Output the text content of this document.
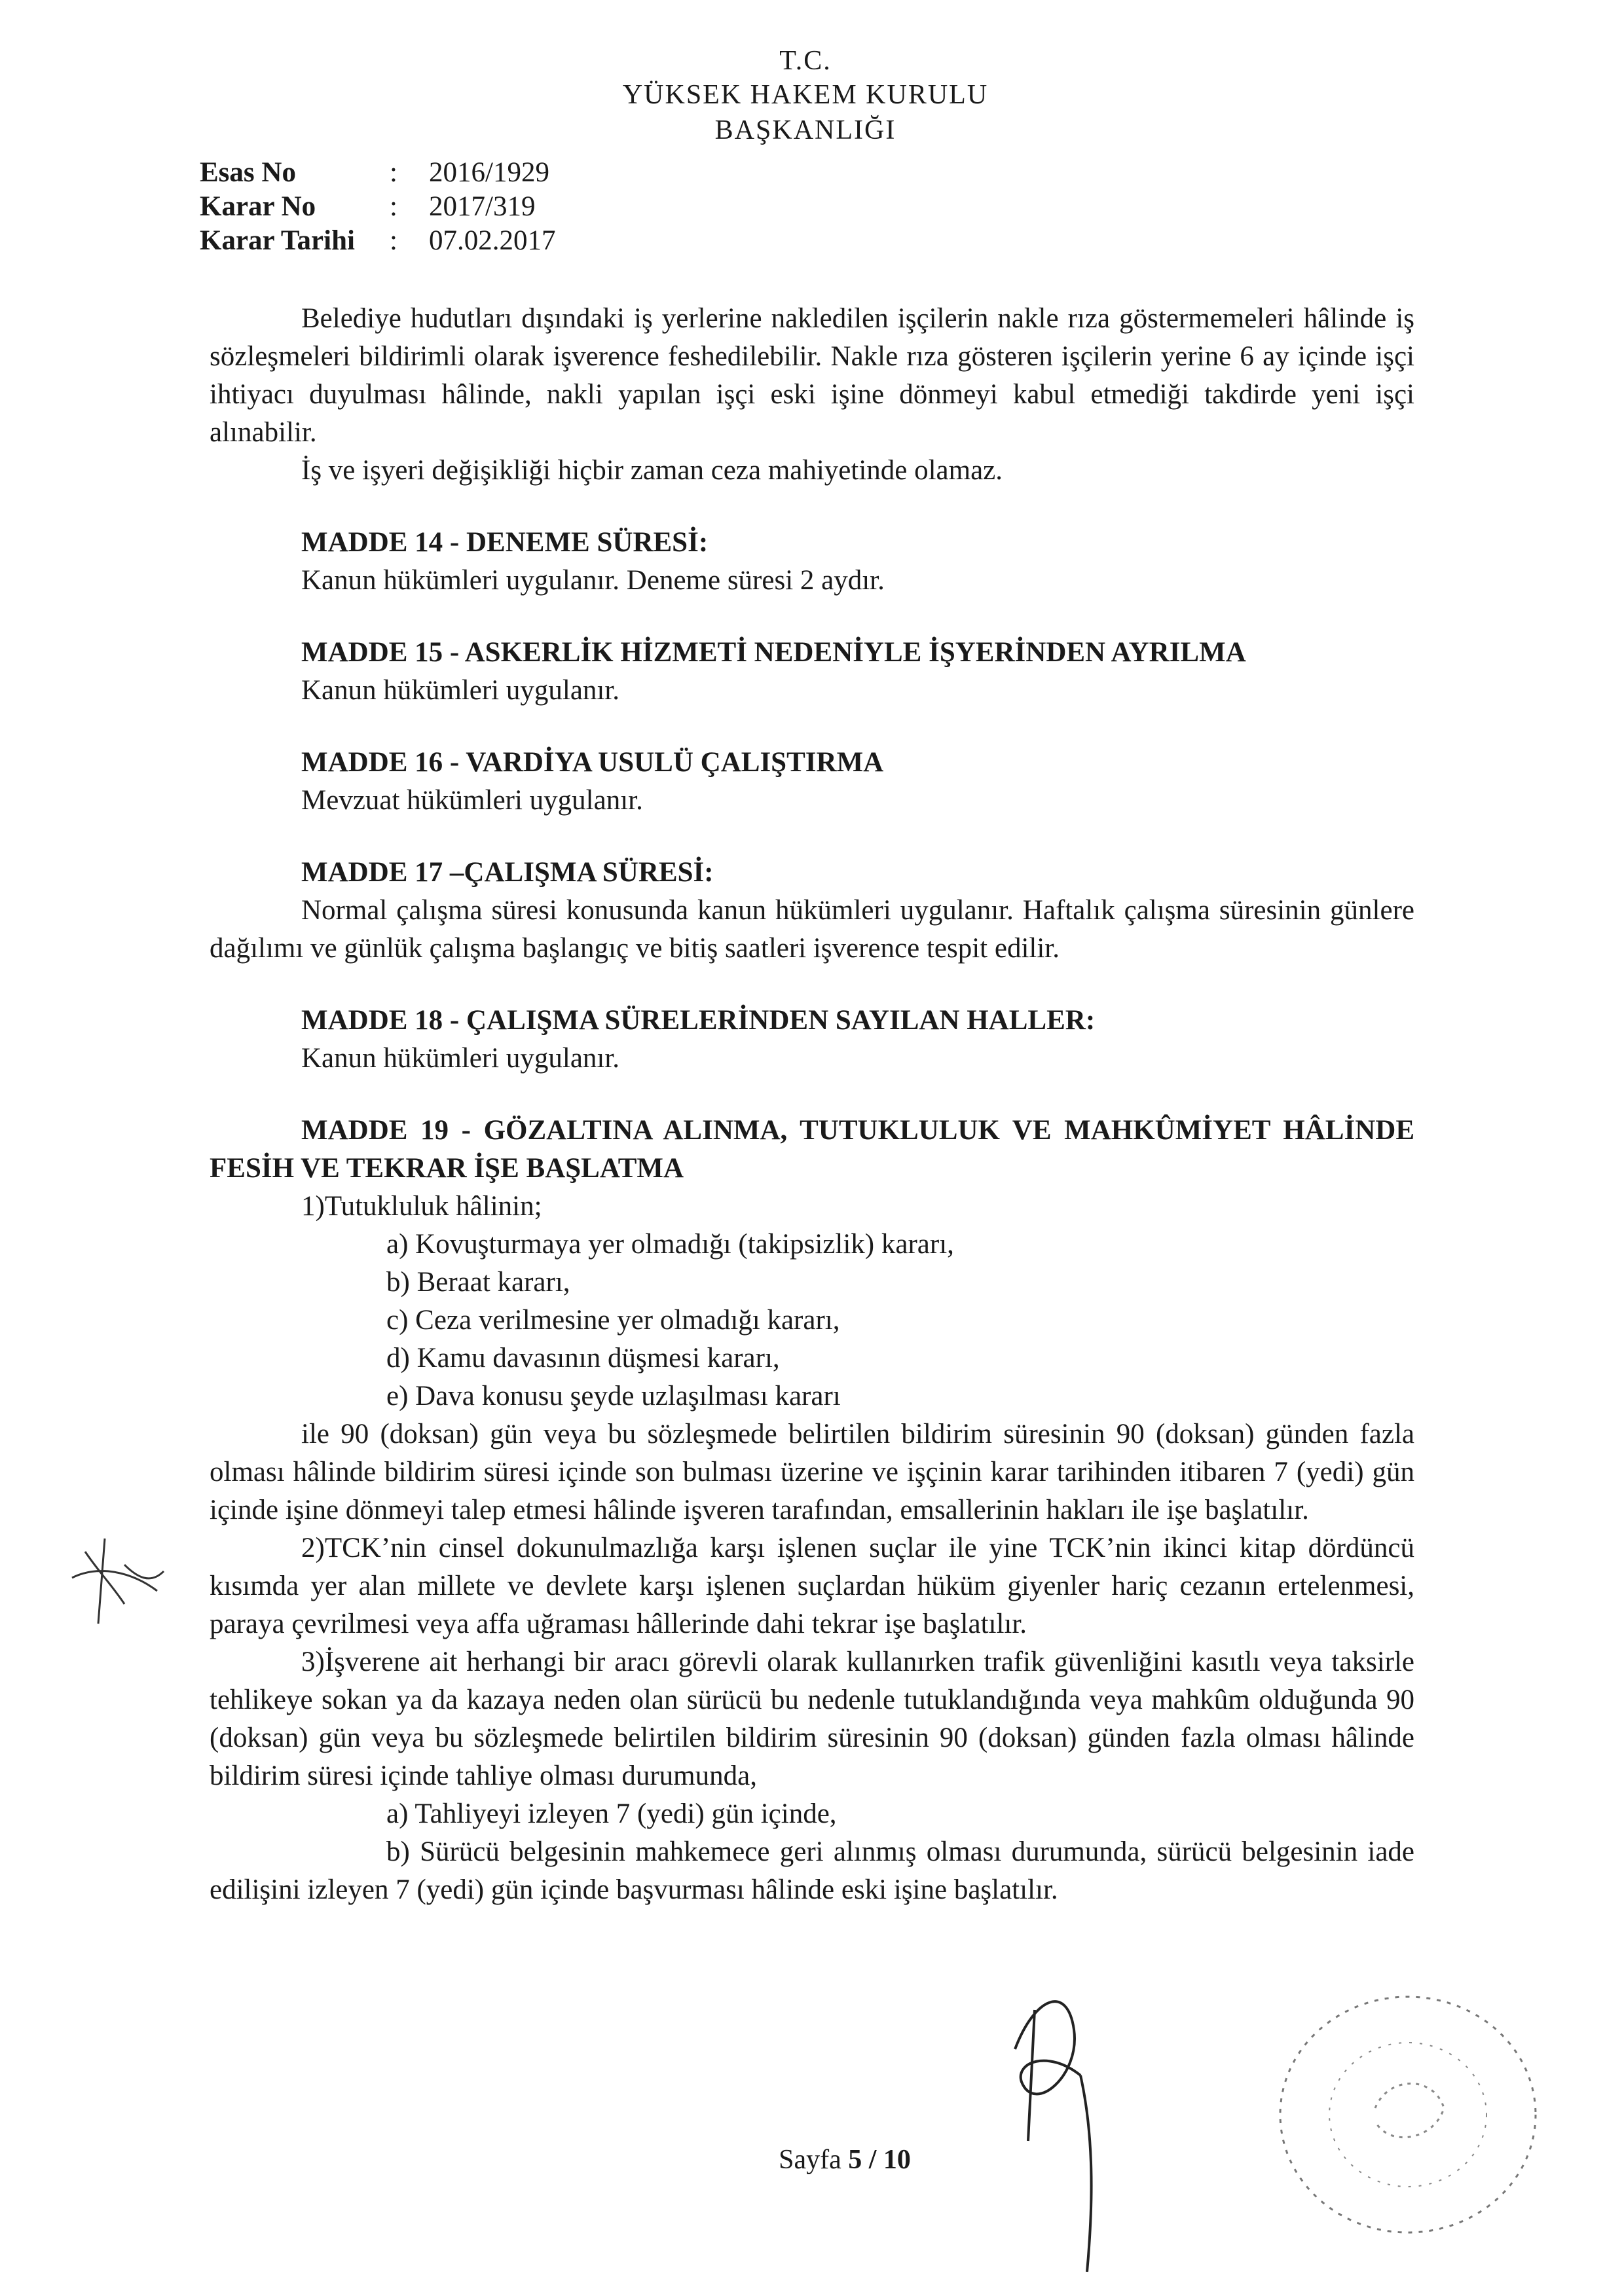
T.C.
YÜKSEK HAKEM KURULU
BAŞKANLIĞI
Esas No	: 2016/1929
Karar No	: 2017/319
Karar Tarihi : 07.02.2017

Belediye hudutları dışındaki iş yerlerine nakledilen işçilerin nakle rıza göstermemeleri hâlinde iş sözleşmeleri bildirimli olarak işverence feshedilebilir. Nakle rıza gösteren işçilerin yerine 6 ay içinde işçi ihtiyacı duyulması hâlinde, nakli yapılan işçi eski işine dönmeyi kabul etmediği takdirde yeni işçi alınabilir.

İş ve işyeri değişikliği hiçbir zaman ceza mahiyetinde olamaz.

MADDE 14 - DENEME SÜRESİ:

Kanun hükümleri uygulanır. Deneme süresi 2 aydır.

MADDE 15 - ASKERLİK HİZMETİ NEDENİYLE İŞYERİNDEN AYRILMA

Kanun hükümleri uygulanır.

MADDE 16 - VARDİYA USULÜ ÇALIŞTIRMA

Mevzuat hükümleri uygulanır.

MADDE 17 –ÇALIŞMA SÜRESİ:

Normal çalışma süresi konusunda kanun hükümleri uygulanır. Haftalık çalışma süresinin günlere dağılımı ve günlük çalışma başlangıç ve bitiş saatleri işverence tespit edilir.

MADDE 18 - ÇALIŞMA SÜRELERİNDEN SAYILAN HALLER:

Kanun hükümleri uygulanır.

MADDE 19 - GÖZALTINA ALINMA, TUTUKLULUK VE MAHKÛMİYET HÂLİNDE FESİH VE TEKRAR İŞE BAŞLATMA

1)Tutukluluk hâlinin;

a) Kovuşturmaya yer olmadığı (takipsizlik) kararı,

b) Beraat kararı,

c) Ceza verilmesine yer olmadığı kararı,

d) Kamu davasının düşmesi kararı,

e) Dava konusu şeyde uzlaşılması kararı

ile 90 (doksan) gün veya bu sözleşmede belirtilen bildirim süresinin 90 (doksan) günden fazla olması hâlinde bildirim süresi içinde son bulması üzerine ve işçinin karar tarihinden itibaren 7 (yedi) gün içinde işine dönmeyi talep etmesi hâlinde işveren tarafından, emsallerinin hakları ile işe başlatılır.

2)TCK’nin cinsel dokunulmazlığa karşı işlenen suçlar ile yine TCK’nin ikinci kitap dördüncü kısımda yer alan millete ve devlete karşı işlenen suçlardan hüküm giyenler hariç cezanın ertelenmesi, paraya çevrilmesi veya affa uğraması hâllerinde dahi tekrar işe başlatılır.

3)İşverene ait herhangi bir aracı görevli olarak kullanırken trafik güvenliğini kasıtlı veya taksirle tehlikeye sokan ya da kazaya neden olan sürücü bu nedenle tutuklandığında veya mahkûm olduğunda 90 (doksan) gün veya bu sözleşmede belirtilen bildirim süresinin 90 (doksan) günden fazla olması hâlinde bildirim süresi içinde tahliye olması durumunda,

a) Tahliyeyi izleyen 7 (yedi) gün içinde,

b) Sürücü belgesinin mahkemece geri alınmış olması durumunda, sürücü belgesinin iade edilişini izleyen 7 (yedi) gün içinde başvurması hâlinde eski işine başlatılır.

Sayfa 5 / 10
